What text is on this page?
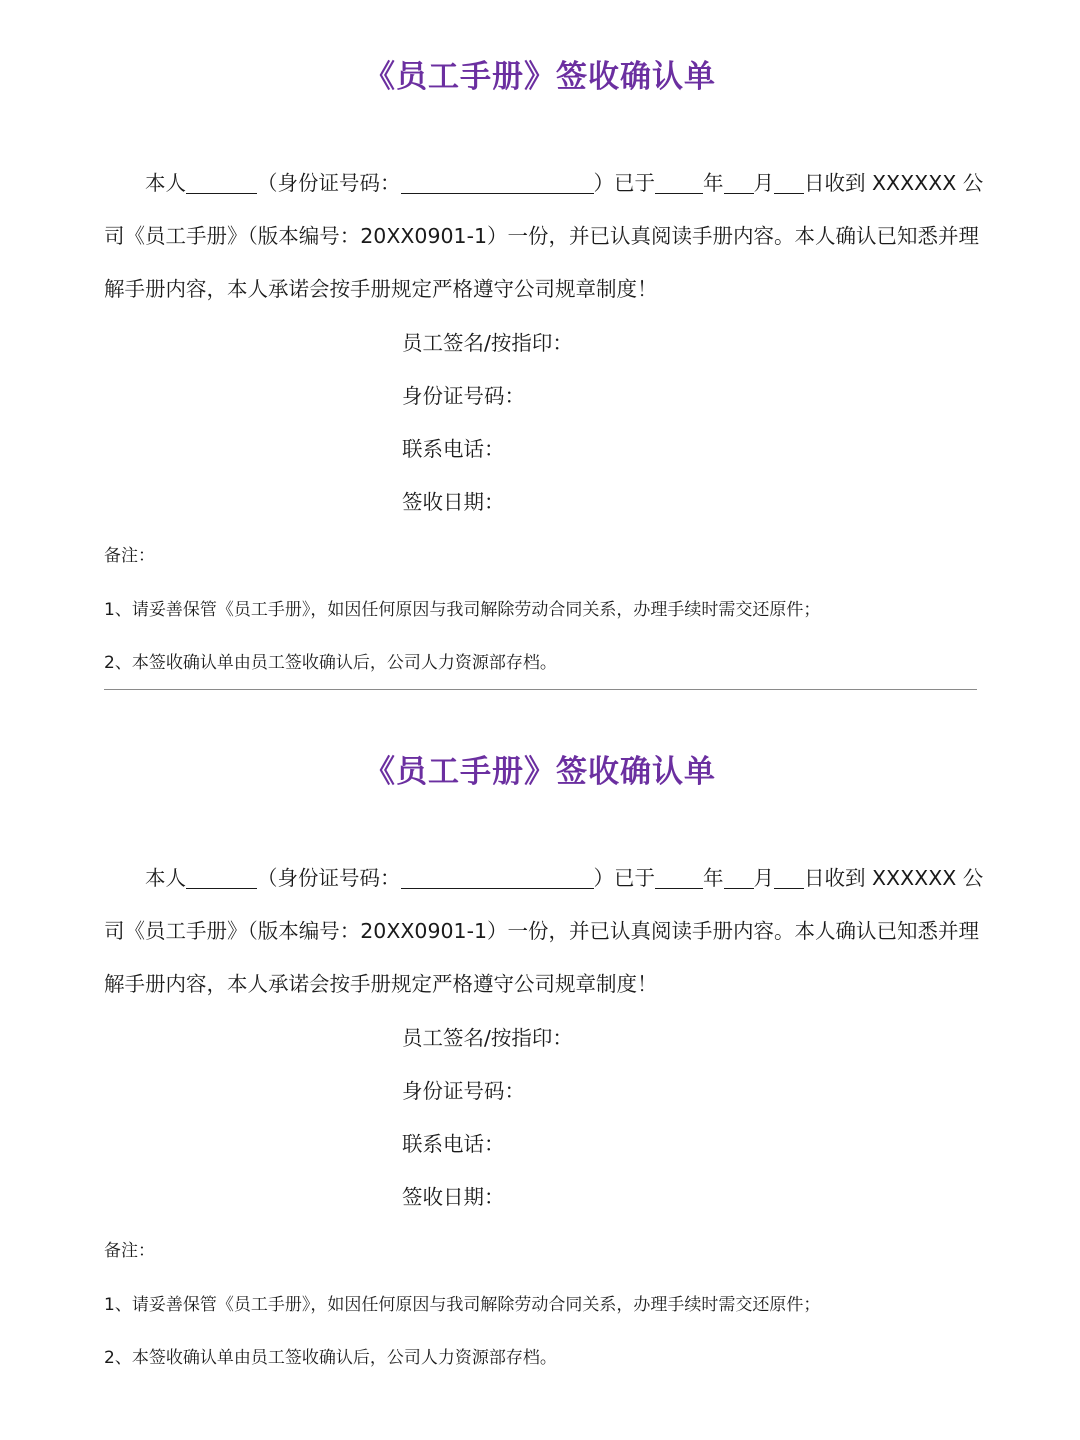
《员工手册》签收确认单

本人	（身份证号码：	）已于 年 月 日收到 XXXXXX 公

司《员工手册》（版本编号：20XX0901-1）一份，并已认真阅读手册内容。本人确认已知悉并理

解手册内容，本人承诺会按手册规定严格遵守公司规章制度！

员工签名/按指印：

身份证号码：

联系电话：

签收日期：

备注：

1、请妥善保管《员工手册》，如因任何原因与我司解除劳动合同关系，办理手续时需交还原件；

2、本签收确认单由员工签收确认后，公司人力资源部存档。

《员工手册》签收确认单

本人	（身份证号码：	）已于 年 月 日收到 XXXXXX 公

司《员工手册》（版本编号：20XX0901-1）一份，并已认真阅读手册内容。本人确认已知悉并理

解手册内容，本人承诺会按手册规定严格遵守公司规章制度！

员工签名/按指印：

身份证号码：

联系电话：

签收日期：

备注：

1、请妥善保管《员工手册》，如因任何原因与我司解除劳动合同关系，办理手续时需交还原件；

2、本签收确认单由员工签收确认后，公司人力资源部存档。
